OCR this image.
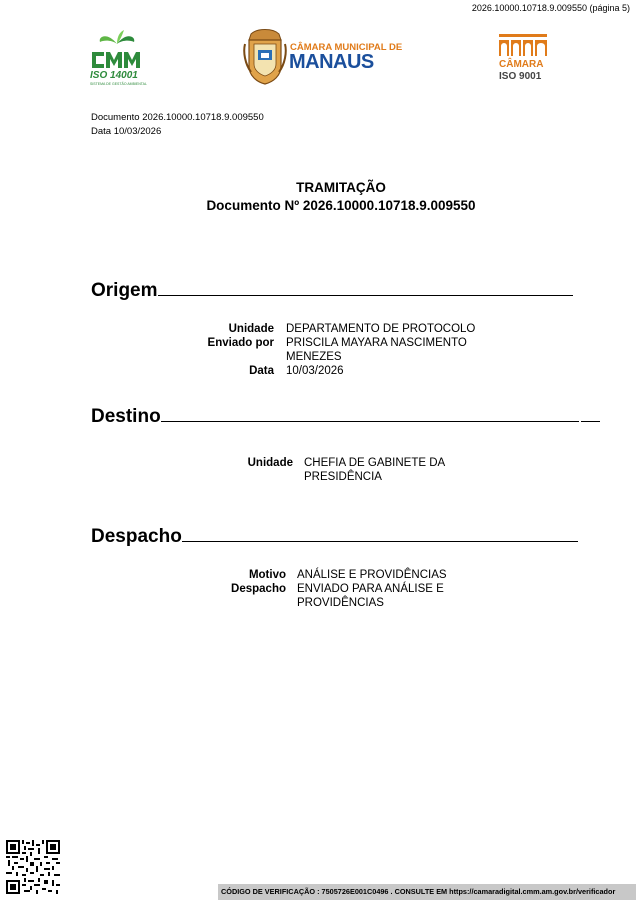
2026.10000.10718.9.009550 (página 5)
ISO 14001
SISTEMA DE GESTÃO AMBIENTAL
CÂMARA MUNICIPAL DE
MANAUS	CÂMARA
ISO 9001
Documento 2026.10000.10718.9.009550
Data 10/03/2026
TRAMITAÇÃO
Documento Nº 2026.10000.10718.9.009550
Origem
Unidade DEPARTAMENTO DE PROTOCOLO
Enviado por PRISCILA MAYARA NASCIMENTO
MENEZES
Data 10/03/2026
Destino
Unidade CHEFIA DE GABINETE DA
PRESIDÊNCIA
Despacho
Motivo ANÁLISE E PROVIDÊNCIAS
Despacho ENVIADO PARA ANÁLISE E
PROVIDÊNCIAS
CÓDIGO DE VERIFICAÇÃO : 7505726E001C0496 . CONSULTE EM https://camaradigital.cmm.am.gov.br/verificador
